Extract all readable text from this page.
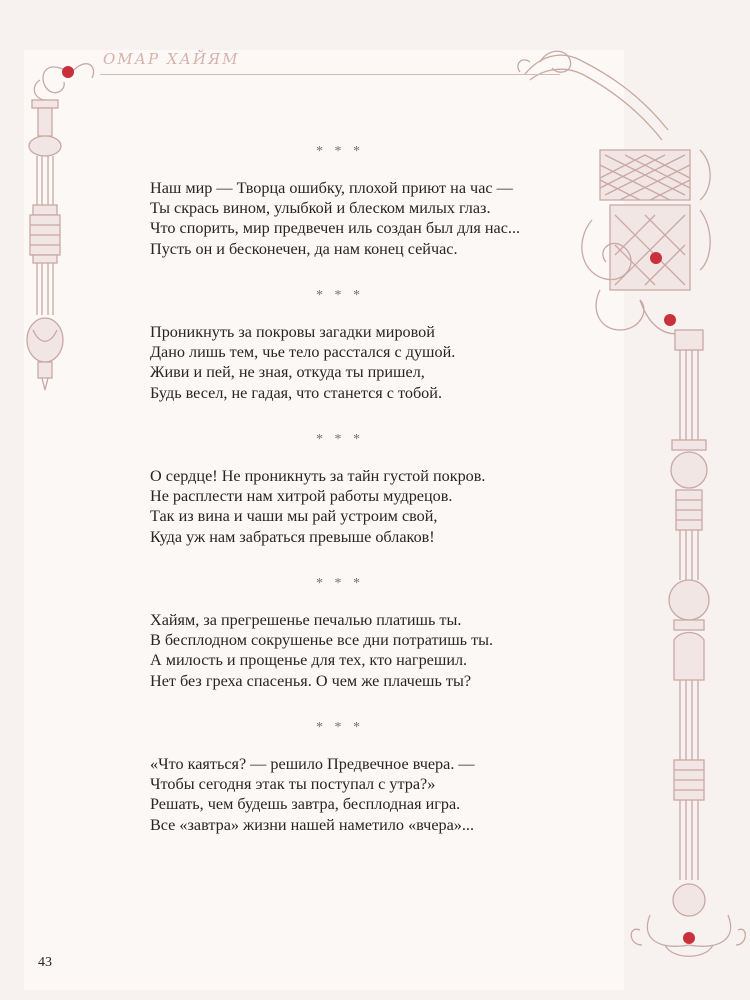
ОМАР ХАЙЯМ
* * *
Наш мир — Творца ошибку, плохой приют на час —
Ты скрась вином, улыбкой и блеском милых глаз.
Что спорить, мир предвечен иль создан был для нас...
Пусть он и бесконечен, да нам конец сейчас.
* * *
Проникнуть за покровы загадки мировой
Дано лишь тем, чье тело расстался с душой.
Живи и пей, не зная, откуда ты пришел,
Будь весел, не гадая, что станется с тобой.
* * *
О сердце! Не проникнуть за тайн густой покров.
Не расплести нам хитрой работы мудрецов.
Так из вина и чаши мы рай устроим свой,
Куда уж нам забраться превыше облаков!
* * *
Хайям, за прегрешенье печалью платишь ты.
В бесплодном сокрушенье все дни потратишь ты.
А милость и прощенье для тех, кто нагрешил.
Нет без греха спасенья. О чем же плачешь ты?
* * *
«Что каяться? — решило Предвечное вчера. —
Чтобы сегодня этак ты поступал с утра?»
Решать, чем будешь завтра, бесплодная игра.
Все «завтра» жизни нашей наметило «вчера»...
43
